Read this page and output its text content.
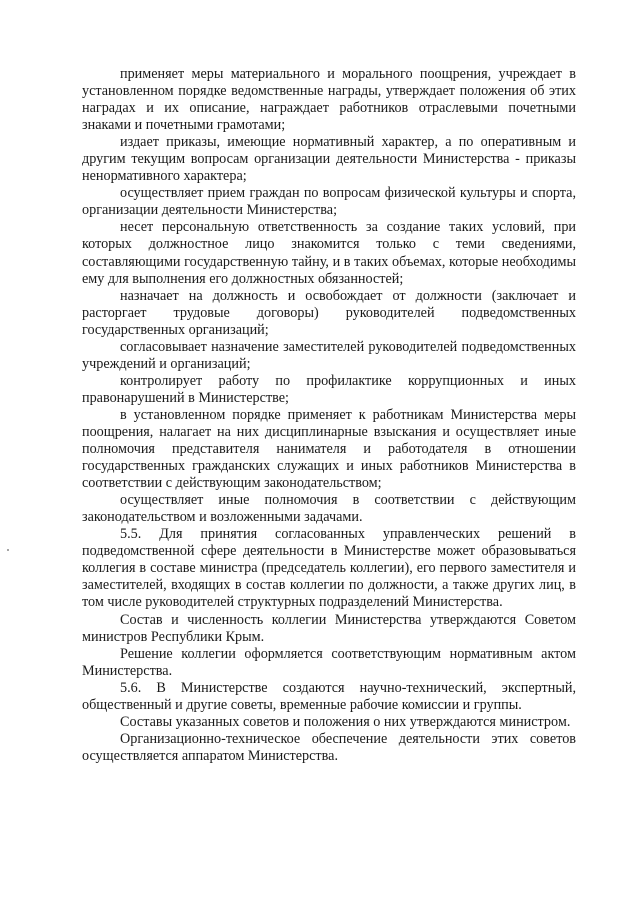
применяет меры материального и морального поощрения, учреждает в установленном порядке ведомственные награды, утверждает положения об этих наградах и их описание, награждает работников отраслевыми почетными знаками и почетными грамотами;

издает приказы, имеющие нормативный характер, а по оперативным и другим текущим вопросам организации деятельности Министерства - приказы ненормативного характера;

осуществляет прием граждан по вопросам физической культуры и спорта, организации деятельности Министерства;

несет персональную ответственность за создание таких условий, при которых должностное лицо знакомится только с теми сведениями, составляющими государственную тайну, и в таких объемах, которые необходимы ему для выполнения его должностных обязанностей;

назначает на должность и освобождает от должности (заключает и расторгает трудовые договоры) руководителей подведомственных государственных организаций;

согласовывает назначение заместителей руководителей подведомственных учреждений и организаций;

контролирует работу по профилактике коррупционных и иных правонарушений в Министерстве;

в установленном порядке применяет к работникам Министерства меры поощрения, налагает на них дисциплинарные взыскания и осуществляет иные полномочия представителя нанимателя и работодателя в отношении государственных гражданских служащих и иных работников Министерства в соответствии с действующим законодательством;

осуществляет иные полномочия в соответствии с действующим законодательством и возложенными задачами.

5.5. Для принятия согласованных управленческих решений в подведомственной сфере деятельности в Министерстве может образовываться коллегия в составе министра (председатель коллегии), его первого заместителя и заместителей, входящих в состав коллегии по должности, а также других лиц, в том числе руководителей структурных подразделений Министерства.

Состав и численность коллегии Министерства утверждаются Советом министров Республики Крым.

Решение коллегии оформляется соответствующим нормативным актом Министерства.

5.6. В Министерстве создаются научно-технический, экспертный, общественный и другие советы, временные рабочие комиссии и группы.

Составы указанных советов и положения о них утверждаются министром.

Организационно-техническое обеспечение деятельности этих советов осуществляется аппаратом Министерства.
